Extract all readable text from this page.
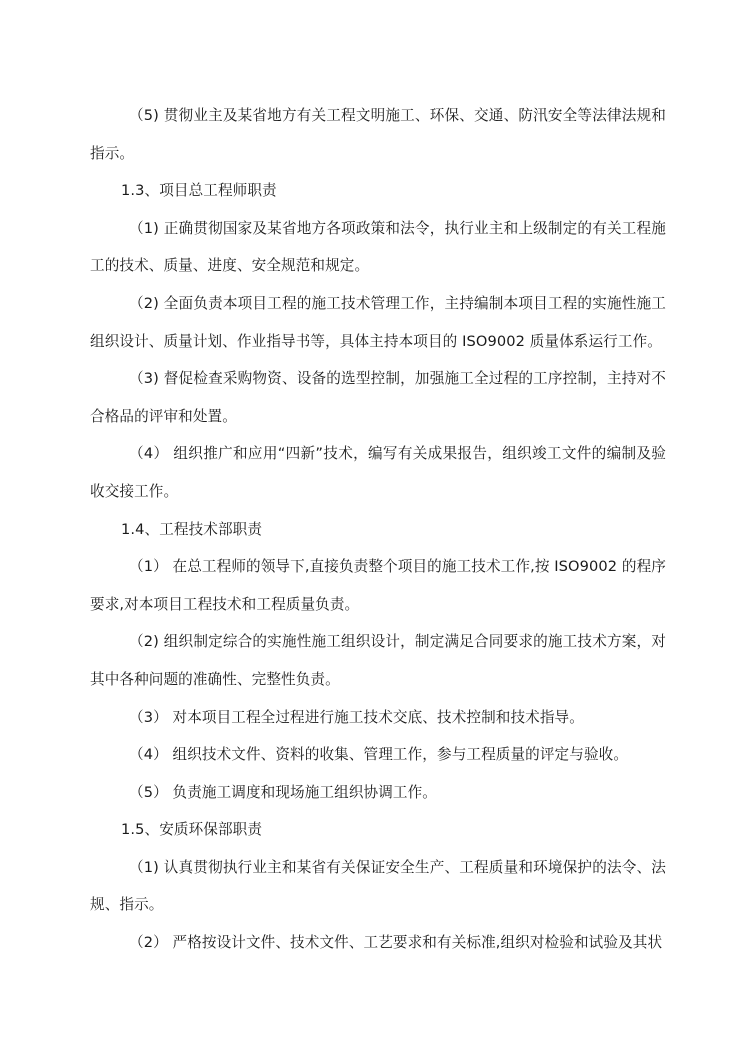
（5) 贯彻业主及某省地方有关工程文明施工、环保、交通、防汛安全等法律法规和指示。

1.3、项目总工程师职责

（1) 正确贯彻国家及某省地方各项政策和法令，执行业主和上级制定的有关工程施工的技术、质量、进度、安全规范和规定。

（2) 全面负责本项目工程的施工技术管理工作，主持编制本项目工程的实施性施工组织设计、质量计划、作业指导书等，具体主持本项目的 ISO9002 质量体系运行工作。

（3) 督促检查采购物资、设备的选型控制，加强施工全过程的工序控制，主持对不合格品的评审和处置。

（4） 组织推广和应用“四新”技术，编写有关成果报告，组织竣工文件的编制及验收交接工作。

1.4、工程技术部职责

（1） 在总工程师的领导下,直接负责整个项目的施工技术工作,按 ISO9002 的程序要求,对本项目工程技术和工程质量负责。

（2) 组织制定综合的实施性施工组织设计，制定满足合同要求的施工技术方案，对其中各种问题的准确性、完整性负责。

（3） 对本项目工程全过程进行施工技术交底、技术控制和技术指导。

（4） 组织技术文件、资料的收集、管理工作，参与工程质量的评定与验收。

（5） 负责施工调度和现场施工组织协调工作。

1.5、安质环保部职责

（1) 认真贯彻执行业主和某省有关保证安全生产、工程质量和环境保护的法令、法规、指示。

（2） 严格按设计文件、技术文件、工艺要求和有关标准,组织对检验和试验及其状
